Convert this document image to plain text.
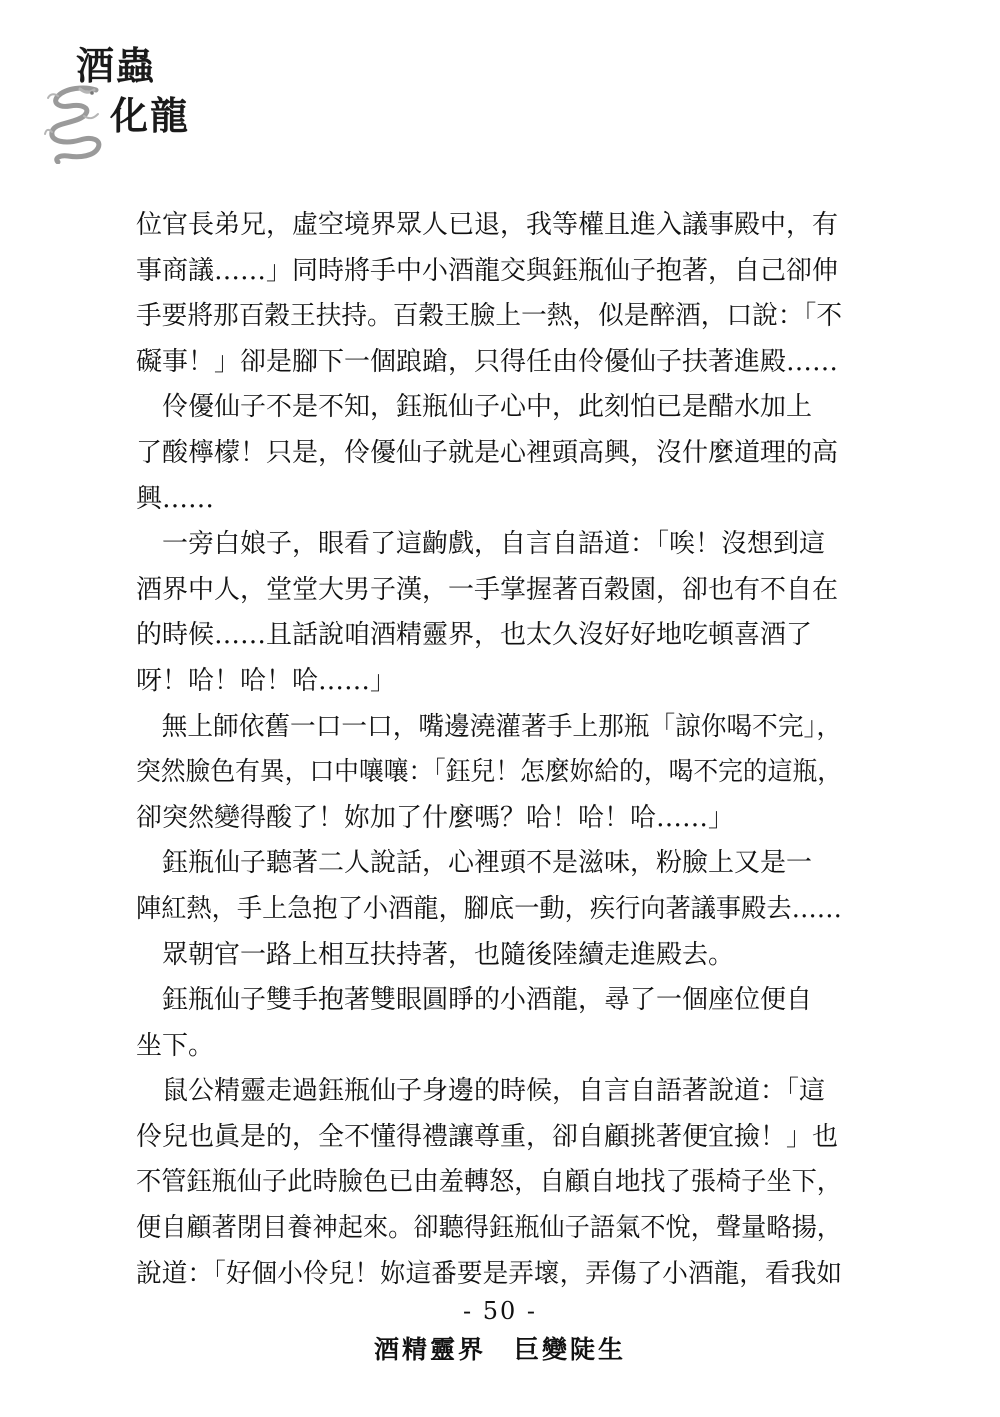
酒蟲
化龍
位官長弟兄，虛空境界眾人已退，我等權且進入議事殿中，有
事商議……」同時將手中小酒龍交與鈺瓶仙子抱著，自己卻伸
手要將那百穀王扶持。百穀王臉上一熱，似是醉酒，口說：「不
礙事！」卻是腳下一個踉蹌，只得任由伶優仙子扶著進殿……
　伶優仙子不是不知，鈺瓶仙子心中，此刻怕已是醋水加上
了酸檸檬！只是，伶優仙子就是心裡頭高興，沒什麼道理的高
興……
　一旁白娘子，眼看了這齣戲，自言自語道：「唉！沒想到這
酒界中人，堂堂大男子漢，一手掌握著百穀園，卻也有不自在
的時候……且話說咱酒精靈界，也太久沒好好地吃頓喜酒了
呀！哈！哈！哈……」
　無上師依舊一口一口，嘴邊澆灌著手上那瓶「諒你喝不完」，
突然臉色有異，口中嚷嚷：「鈺兒！怎麼妳給的，喝不完的這瓶，
卻突然變得酸了！妳加了什麼嗎？哈！哈！哈……」
　鈺瓶仙子聽著二人說話，心裡頭不是滋味，粉臉上又是一
陣紅熱，手上急抱了小酒龍，腳底一動，疾行向著議事殿去……
　眾朝官一路上相互扶持著，也隨後陸續走進殿去。
　鈺瓶仙子雙手抱著雙眼圓睜的小酒龍，尋了一個座位便自
坐下。
　鼠公精靈走過鈺瓶仙子身邊的時候，自言自語著說道：「這
伶兒也眞是的，全不懂得禮讓尊重，卻自顧挑著便宜撿！」也
不管鈺瓶仙子此時臉色已由羞轉怒，自顧自地找了張椅子坐下，
便自顧著閉目養神起來。卻聽得鈺瓶仙子語氣不悅，聲量略揚，
說道：「好個小伶兒！妳這番要是弄壞，弄傷了小酒龍，看我如
- 50 -
酒精靈界　巨變陡生
